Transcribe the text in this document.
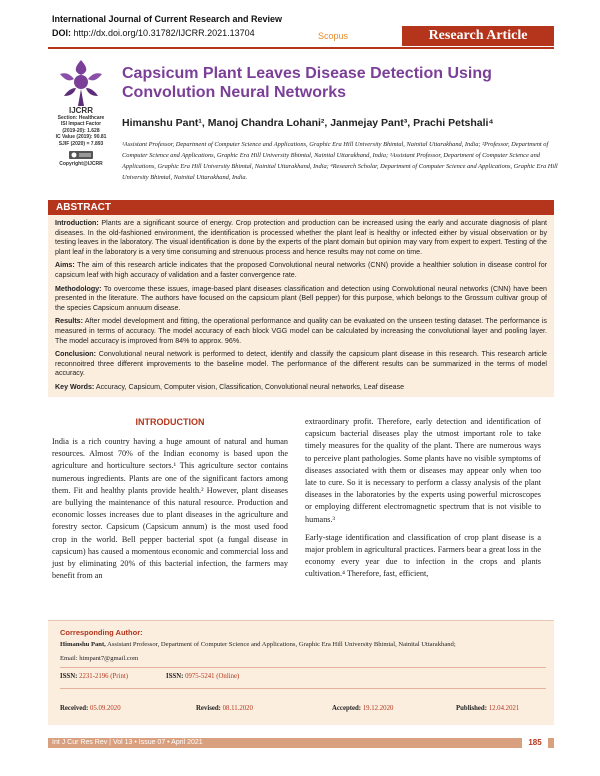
International Journal of Current Research and Review
DOI: http://dx.doi.org/10.31782/IJCRR.2021.13704	Scopus	Research Article
IJCRR
Section: Healthcare
ISI Impact Factor
(2019-20): 1.628
IC Value (2019): 90.81
SJIF (2020) = 7.893
Copyright@IJCRR
Capsicum Plant Leaves Disease Detection Using Convolution Neural Networks
Himanshu Pant¹, Manoj Chandra Lohani², Janmejay Pant³, Prachi Petshali⁴
¹Assistant Professor, Department of Computer Science and Applications, Graphic Era Hill University Bhimtal, Nainital Uttarakhand, India; ²Professor, Department of Computer Science and Applications, Graphic Era Hill University Bhimtal, Nainital Uttarakhand, India; ³Assistant Professor, Department of Computer Science and Applications, Graphic Era Hill University Bhimtal, Nainital Uttarakhand, India; ⁴Research Scholar, Department of Computer Science and Applications, Graphic Era Hill University Bhimtal, Nainital Uttarakhand, India.
ABSTRACT

Introduction: Plants are a significant source of energy. Crop protection and production can be increased using the early and accurate diagnosis of plant diseases. In the old-fashioned environment, the identification is processed whether the plant leaf is healthy or infected either by visual observation or by testing leaves in the laboratory. The visual identification is done by the experts of the plant domain but opinion may vary from expert to expert. Testing of the plant leaf in the laboratory is a very time consuming and strenuous process and hence results may not come on time.

Aims: The aim of this research article indicates that the proposed Convolutional neural networks (CNN) provide a healthier solution in disease control for capsicum leaf with high accuracy of validation and a faster convergence rate.

Methodology: To overcome these issues, image-based plant diseases classification and detection using Convolutional neural networks (CNN) have been presented in the literature. The authors have focused on the capsicum plant (Bell pepper) for this purpose, which belongs to the Grossum cultivar group of the species Capsicum annuum disease.

Results: After model development and fitting, the operational performance and quality can be evaluated on the unseen testing dataset. The performance is measured in terms of accuracy. The model accuracy of each block VGG model can be calculated by increasing the convolutional layer and pooling layer. The model accuracy is improved from 84% to approx. 96%.

Conclusion: Convolutional neural network is performed to detect, identify and classify the capsicum plant disease in this research. This research article reconnoitred three different improvements to the baseline model. The performance of the different results can be summarized in the terms of model accuracy.

Key Words: Accuracy, Capsicum, Computer vision, Classification, Convolutional neural networks, Leaf disease

INTRODUCTION

India is a rich country having a huge amount of natural and human resources. Almost 70% of the Indian economy is based upon the agriculture and horticulture sectors.¹ This agriculture sector contains numerous ingredients. Plants are one of the significant factors among them. Fit and healthy plants provide health.² However, plant diseases are bullying the maintenance of this natural resource. Production and economic losses increases due to plant diseases in the agriculture and forestry sector. Capsicum (Capsicum annum) is the most used food crop in the world. Bell pepper bacterial spot (a fungal disease in capsicum) has caused a momentous economic and commercial loss and just by eliminating 20% of this bacterial infection, the farmers may benefit from an

extraordinary profit. Therefore, early detection and identification of capsicum bacterial diseases play the utmost important role to take timely measures for the quality of the plant. There are numerous ways to perceive plant pathologies. Some plants have no visible symptoms of diseases associated with them or diseases may appear only when too late to cure. So it is necessary to perform a classy analysis of the plant diseases in the laboratories by the experts using powerful microscopes or employing different electromagnetic spectrum that is not visible to humans.³

Early-stage identification and classification of crop plant disease is a major problem in agricultural practices. Farmers bear a great loss in the economy every year due to infection in the crops and plants cultivation.⁴ Therefore, fast, efficient,

Corresponding Author:
Himanshu Pant, Assistant Professor, Department of Computer Science and Applications, Graphic Era Hill University Bhimtal, Nainital Uttarakhand;
Email: himpant7@gmail.com
ISSN: 2231-2196 (Print)	ISSN: 0975-5241 (Online)
Received: 05.09.2020	Revised: 08.11.2020	Accepted: 19.12.2020	Published: 12.04.2021
Int J Cur Res Rev | Vol 13 • Issue 07 • April 2021	185
